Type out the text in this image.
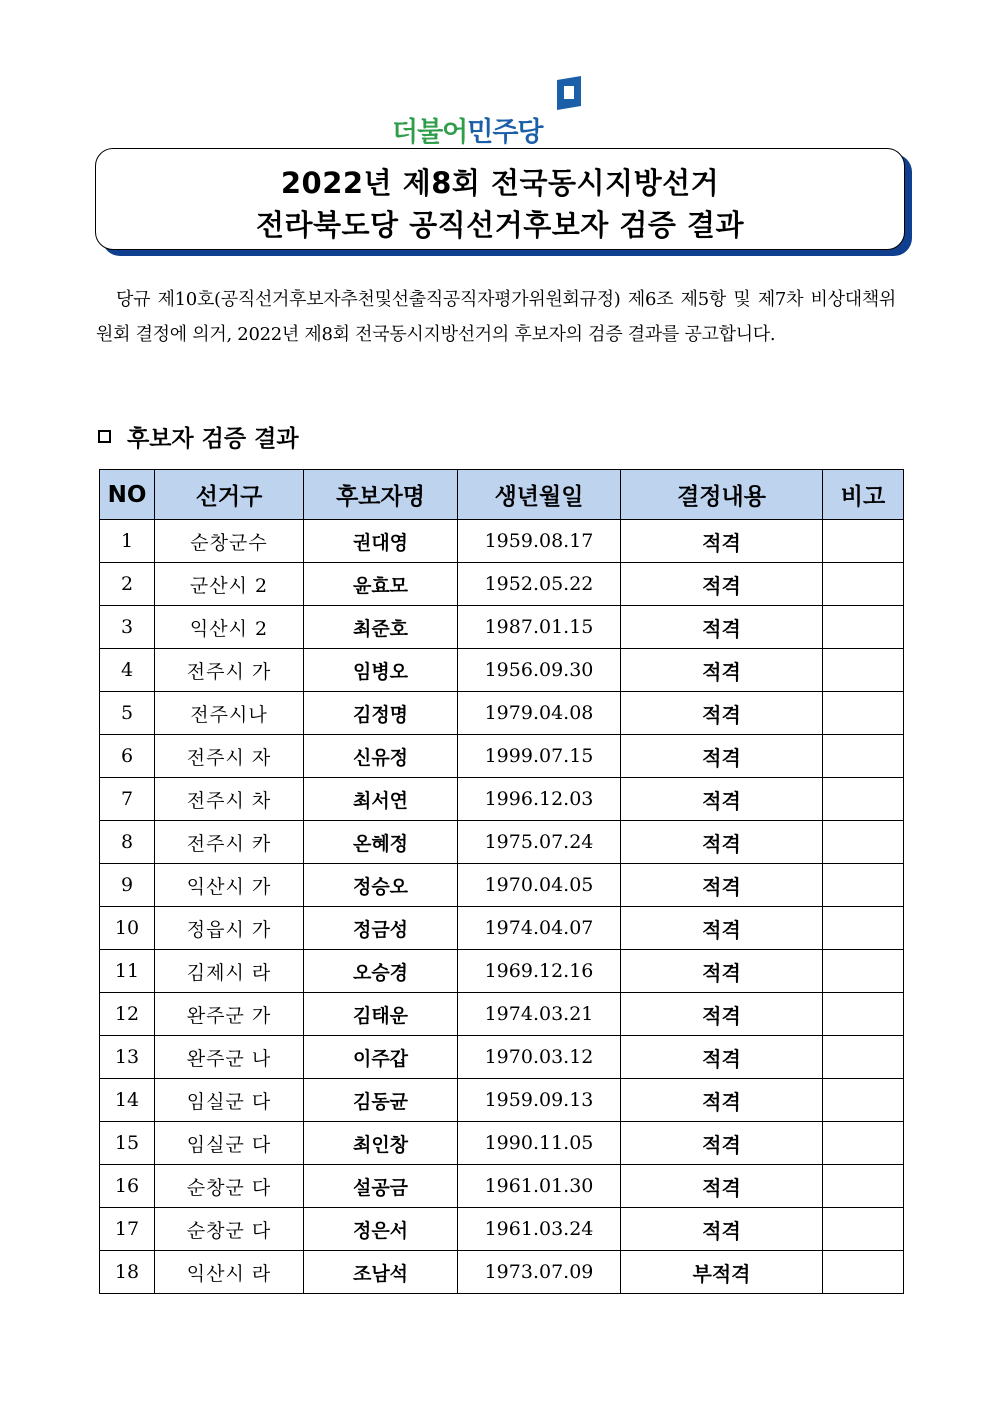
더불어민주당
2022년 제8회 전국동시지방선거
전라북도당 공직선거후보자 검증 결과

당규 제10호(공직선거후보자추천및선출직공직자평가위원회규정) 제6조 제5항 및 제7차 비상대책위원회 결정에 의거, 2022년 제8회 전국동시지방선거의 후보자의 검증 결과를 공고합니다.

후보자 검증 결과
NO	선거구	후보자명	생년월일	결정내용	비고
1	순창군수	권대영	1959.08.17	적격	
2	군산시 2	윤효모	1952.05.22	적격	
3	익산시 2	최준호	1987.01.15	적격	
4	전주시 가	임병오	1956.09.30	적격	
5	전주시나	김정명	1979.04.08	적격	
6	전주시 자	신유정	1999.07.15	적격	
7	전주시 차	최서연	1996.12.03	적격	
8	전주시 카	온혜정	1975.07.24	적격	
9	익산시 가	정승오	1970.04.05	적격	
10	정읍시 가	정금성	1974.04.07	적격	
11	김제시 라	오승경	1969.12.16	적격	
12	완주군 가	김태운	1974.03.21	적격	
13	완주군 나	이주갑	1970.03.12	적격	
14	임실군 다	김동균	1959.09.13	적격	
15	임실군 다	최인창	1990.11.05	적격	
16	순창군 다	설공금	1961.01.30	적격	
17	순창군 다	정은서	1961.03.24	적격	
18	익산시 라	조남석	1973.07.09	부적격	
